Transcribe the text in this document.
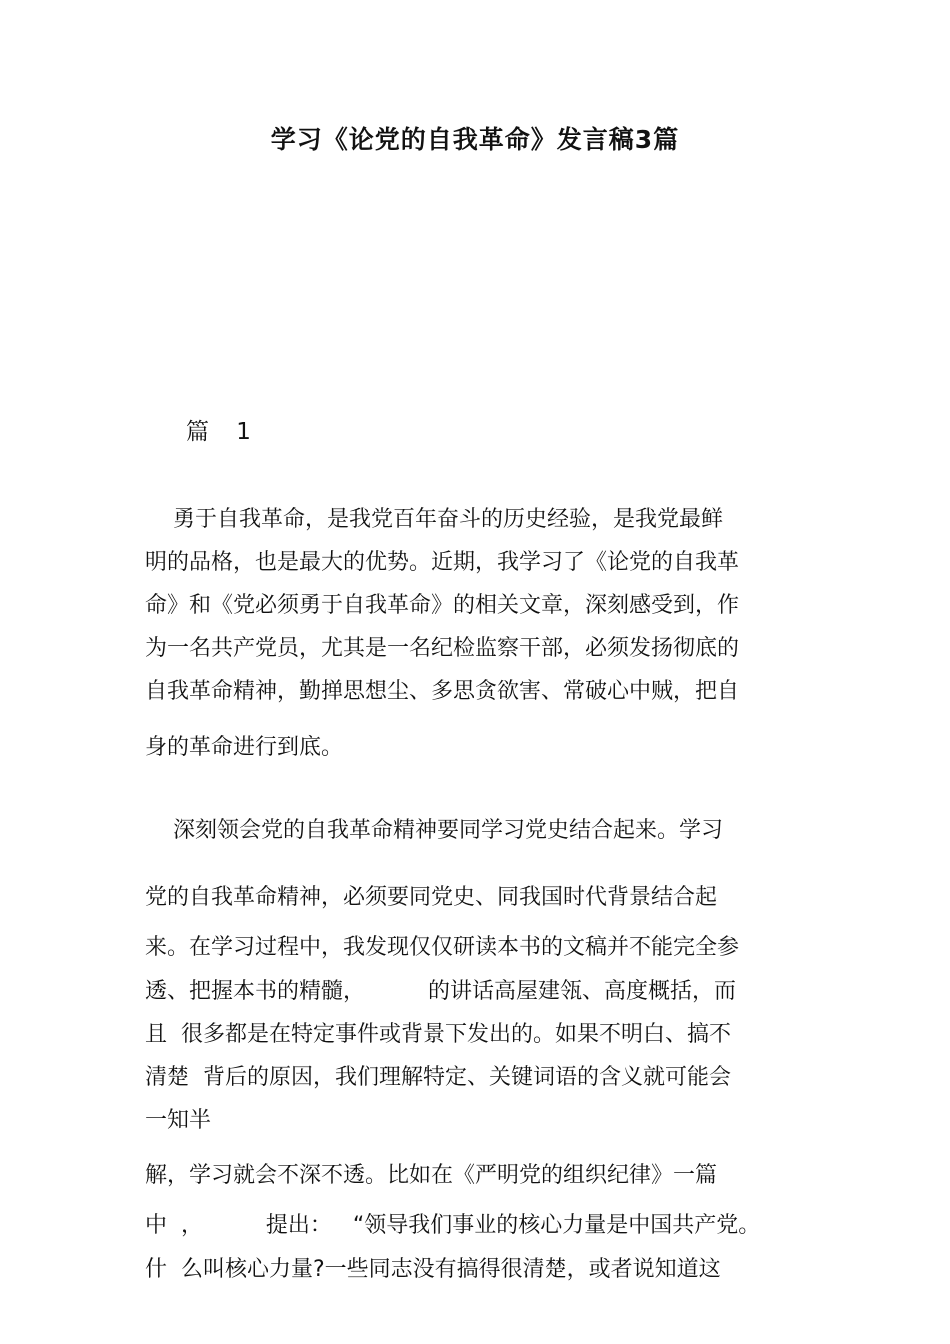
学习《论党的自我革命》发言稿3篇
篇 1
勇于自我革命，是我党百年奋斗的历史经验，是我党最鲜
明的品格，也是最大的优势。近期，我学习了《论党的自我革
命》和《党必须勇于自我革命》的相关文章，深刻感受到，作
为一名共产党员，尤其是一名纪检监察干部，必须发扬彻底的
自我革命精神，勤掸思想尘、多思贪欲害、常破心中贼，把自
身的革命进行到底。
深刻领会党的自我革命精神要同学习党史结合起来。学习
党的自我革命精神，必须要同党史、同我国时代背景结合起
来。在学习过程中，我发现仅仅研读本书的文稿并不能完全参
透、把握本书的精髓，         的讲话高屋建瓴、高度概括，而
且  很多都是在特定事件或背景下发出的。如果不明白、搞不
清楚  背后的原因，我们理解特定、关键词语的含义就可能会
一知半
解，学习就会不深不透。比如在《严明党的组织纪律》一篇
中  ，         提出：   “领导我们事业的核心力量是中国共产党。
什  么叫核心力量?一些同志没有搞得很清楚，或者说知道这
